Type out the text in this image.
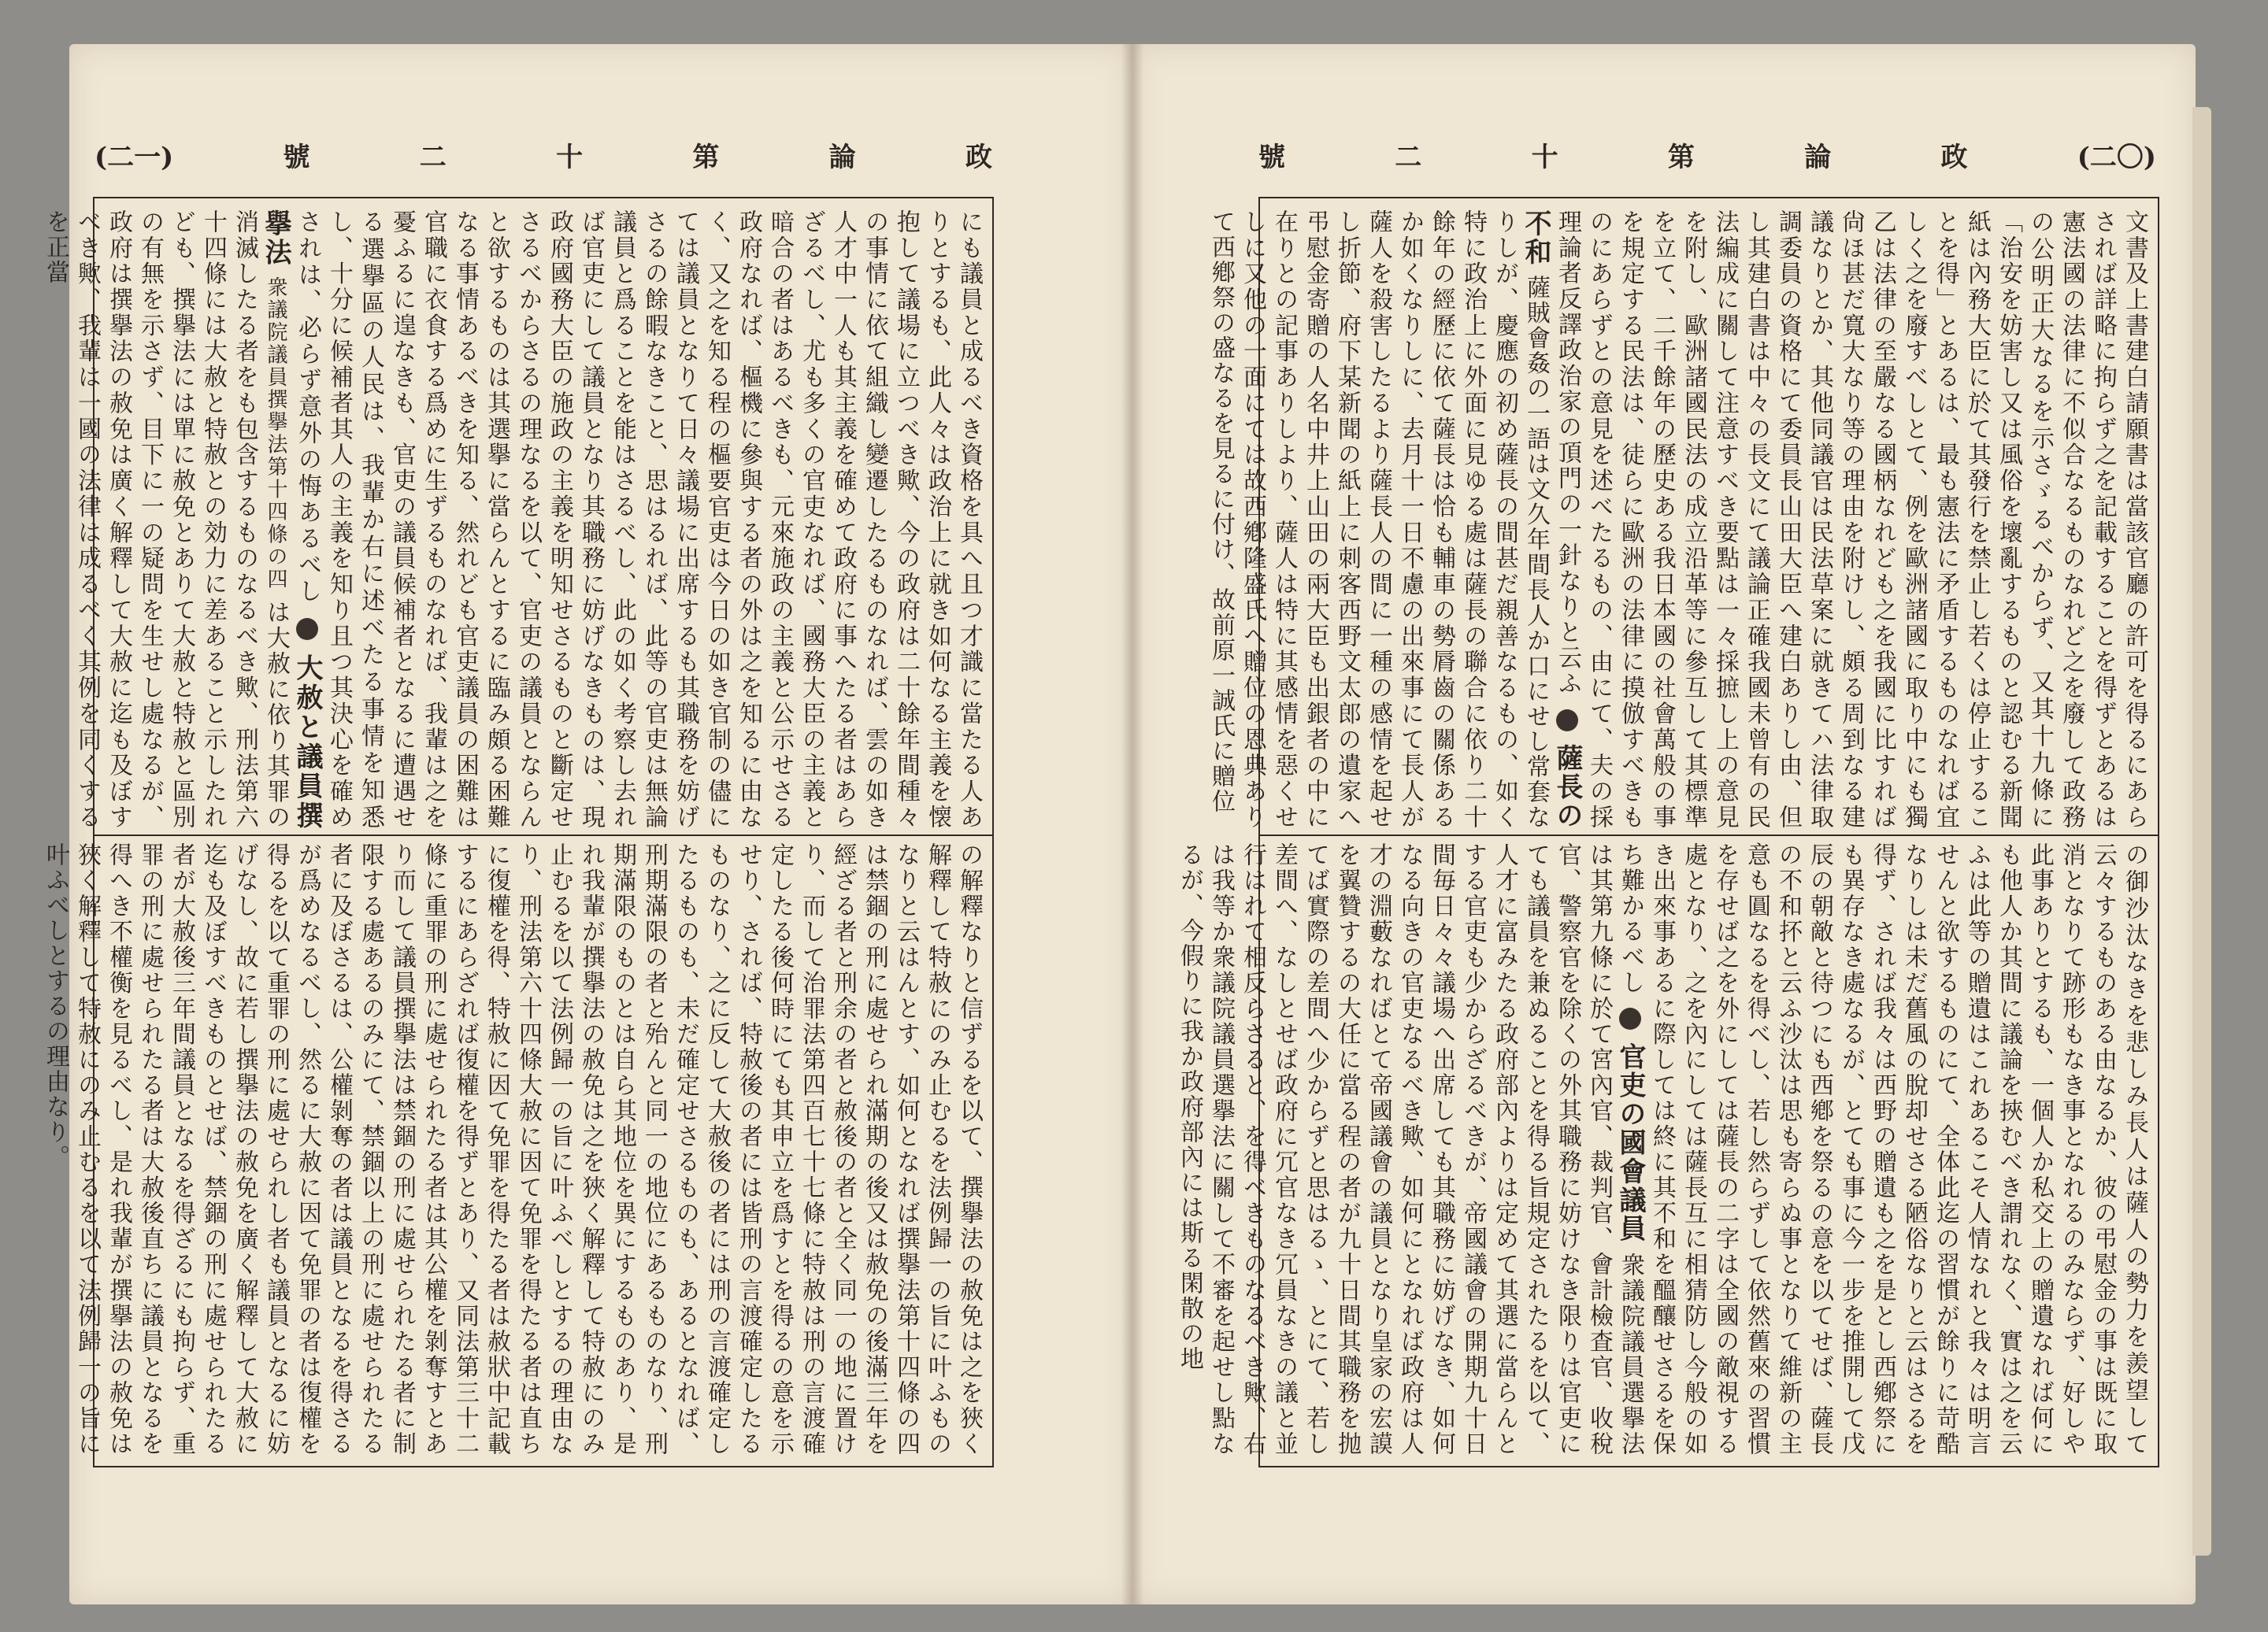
(二一)	號	二	十	第	論	政
にも議員と成るべき資格を具へ且つ才識に當たる人ありとするも、此人々は政治上に就き如何なる主義を懐抱して議場に立つべき歟、今の政府は二十餘年間種々の事情に依て組織し變遷したるものなれば、雲の如き人才中一人も其主義を確めて政府に事へたる者はあらざるべし、尤も多くの官吏なれば、國務大臣の主義と暗合の者はあるべきも、元來施政の主義と公示せさる政府なれば、樞機に參與する者の外は之を知るに由なく、又之を知る程の樞要官吏は今日の如き官制の儘にては議員となりて日々議場に出席するも其職務を妨げさるの餘暇なきこと、思はるれば、此等の官吏は無論議員と爲ることを能はさるべし、此の如く考察し去れば官吏にして議員となり其職務に妨げなきものは、現政府國務大臣の施政の主義を明知せさるものと斷定せさるべからさるの理なるを以て、官吏の議員とならんと欲するものは其選擧に當らんとするに臨み頗る困難なる事情あるべきを知る、然れども官吏議員の困難は官職に衣食する爲めに生ずるものなれば、我輩は之を憂ふるに遑なきも、官吏の議員候補者となるに遭遇せる選擧區の人民は、我輩か右に述べたる事情を知悉し、十分に候補者其人の主義を知り且つ其決心を確めされは、必らず意外の悔あるべし  大赦と議員撰擧法 衆議院議員撰擧法第十四條の四 は大赦に依り其罪の消滅したる者をも包含するものなるべき歟、刑法第六十四條には大赦と特赦との効力に差あること示したれども、撰擧法には單に赦免とありて大赦と特赦と區別の有無を示さず、目下に一の疑問を生せし處なるが、政府は撰擧法の赦免は廣く解釋して大赦に迄も及ぼすべき歟、我輩は一國の法律は成るべく其例を同くするを正當
の解釋なりと信ずるを以て、撰擧法の赦免は之を狹く解釋して特赦にのみ止むるを法例歸一の旨に叶ふものなりと云はんとす、如何となれば撰擧法第十四條の四は禁錮の刑に處せられ滿期の後又は赦免の後滿三年を經ざる者と刑余の者と赦後の者と全く同一の地に置けり、而して治罪法第四百七十七條に特赦は刑の言渡確定したる後何時にても其申立を爲すとを得るの意を示せり、されば、特赦後の者には皆刑の言渡確定したるものなり、之に反して大赦後の者には刑の言渡確定したるものも、未だ確定せさるものも、あるとなれば、刑期滿限の者と殆んと同一の地位にあるものなり、刑期滿限のものとは自ら其地位を異にするものあり、是れ我輩が撰擧法の赦免は之を狹く解釋して特赦にのみ止むるを以て法例歸一の旨に叶ふべしとするの理由なり、刑法第六十四條大赦に因て免罪を得たる者は直ちに復權を得、特赦に因て免罪を得たる者は赦狀中記載するにあらざれば復權を得ずとあり、又同法第三十二條に重罪の刑に處せられたる者は其公權を剝奪すとあり而して議員撰擧法は禁錮の刑に處せられたる者に制限する處あるのみにて、禁錮以上の刑に處せられたる者に及ぼさるは、公權剝奪の者は議員となるを得さるが爲めなるべし、然るに大赦に因て免罪の者は復權を得るを以て重罪の刑に處せられし者も議員となるに妨げなし、故に若し撰擧法の赦免を廣く解釋して大赦に迄も及ぼすべきものとせば、禁錮の刑に處せられたる者が大赦後三年間議員となるを得ざるにも拘らず、重罪の刑に處せられたる者は大赦後直ちに議員となるを得へき不權衡を見るべし、是れ我輩が撰擧法の赦免は狹く解釋して特赦にのみ止むるを以て法例歸一の旨に叶ふべしとするの理由なり。
號	二	十	第	論	政	(二〇)
文書及上書建白請願書は當該官廳の許可を得るにあらされば詳略に拘らず之を記載することを得ずとあるは憲法國の法律に不似合なるものなれど之を廢して政務の公明正大なるを示さゞるべからず、又其十九條に「治安を妨害し又は風俗を壞亂するものと認むる新聞紙は內務大臣に於て其發行を禁止し若くは停止することを得」とあるは、最も憲法に矛盾するものなれば宜しく之を廢すべしとて、例を歐洲諸國に取り中にも獨乙は法律の至嚴なる國柄なれども之を我國に比すれば尙ほ甚だ寬大なり等の理由を附けし、頗る周到なる建議なりとか、其他同議官は民法草案に就きてハ法律取調委員の資格にて委員長山田大臣へ建白ありし由、但し其建白書は中々の長文にて議論正確我國未曾有の民法編成に關して注意すべき要點は一々採摭し上の意見を附し、歐洲諸國民法の成立沿革等に參互して其標準を立て、二千餘年の歷史ある我日本國の社會萬般の事を規定する民法は、徒らに歐洲の法律に摸倣すべきものにあらずとの意見を述べたるもの、由にて、夫の採理論者反譯政治家の頂門の一針なりと云ふ  薩長の不和 薩賊會姦の一語は文久年間長人か口にせし常套なりしが、慶應の初め薩長の間甚だ親善なるもの、如く特に政治上に外面に見ゆる處は薩長の聯合に依り二十餘年の經歷に依て薩長は恰も輔車の勢脣齒の關係あるか如くなりしに、去月十一日不慮の出來事にて長人が薩人を殺害したるより薩長人の間に一種の感情を起せし折節、府下某新聞の紙上に刺客西野文太郎の遺家へ弔慰金寄贈の人名中井上山田の兩大臣も出銀者の中に在りとの記事ありしより、薩人は特に其感情を惡くせしに又他の一面にては故西鄕隆盛氏へ贈位の恩典ありて西鄕祭の盛なるを見るに付け、故前原一誠氏に贈位
の御沙汰なきを悲しみ長人は薩人の勢力を羨望して云々するものある由なるか、彼の弔慰金の事は既に取消となりて跡形もなき事となれるのみならず、好しや此事ありとするも、一個人か私交上の贈遺なれば何にも他人か其間に議論を挾むべき謂れなく、實は之を云ふは此等の贈遺はこれあるこそ人情なれと我々は明言せんと欲するものにて、全体此迄の習慣が餘りに苛酷なりしは未だ舊風の脫却せさる陋俗なりと云はさるを得ず、されば我々は西野の贈遺も之を是とし西鄕祭にも異存なき處なるが、とても事に今一步を推開して戊辰の朝敵と待つにも西鄕を祭るの意を以てせば、薩長の不和抔と云ふ沙汰は思も寄らぬ事となりて維新の主意も圓なるを得べし、若し然らずして依然舊來の習慣を存せば之を外にしては薩長の二字は全國の敵視する處となり、之を內にしては薩長互に相猜防し今般の如き出來事あるに際しては終に其不和を醞釀せさるを保ち難かるべし  官吏の國會議員 衆議院議員選擧法は其第九條に於て宮內官、裁判官、會計檢査官、收稅官、警察官を除くの外其職務に妨けなき限りは官吏にても議員を兼ぬることを得る旨規定されたるを以て、人才に富みたる政府部內よりは定めて其選に當らんとする官吏も少からざるべきが、帝國議會の開期九十日間毎日々々議場へ出席しても其職務に妨げなき、如何なる向きの官吏なるべき歟、如何にとなれば政府は人才の淵藪なればとて帝國議會の議員となり皇家の宏謨を翼贊するの大任に當る程の者が九十日間其職務を抛てば實際の差間へ少からずと思はるゝ、とにて、若し差間へ、なしとせば政府に冗官なき冗員なきの議と並行はれて相反らさると、を得べきものなるべき歟、右は我等か衆議院議員選擧法に關して不審を起せし點なるが、今假りに我か政府部內には斯る閑散の地
